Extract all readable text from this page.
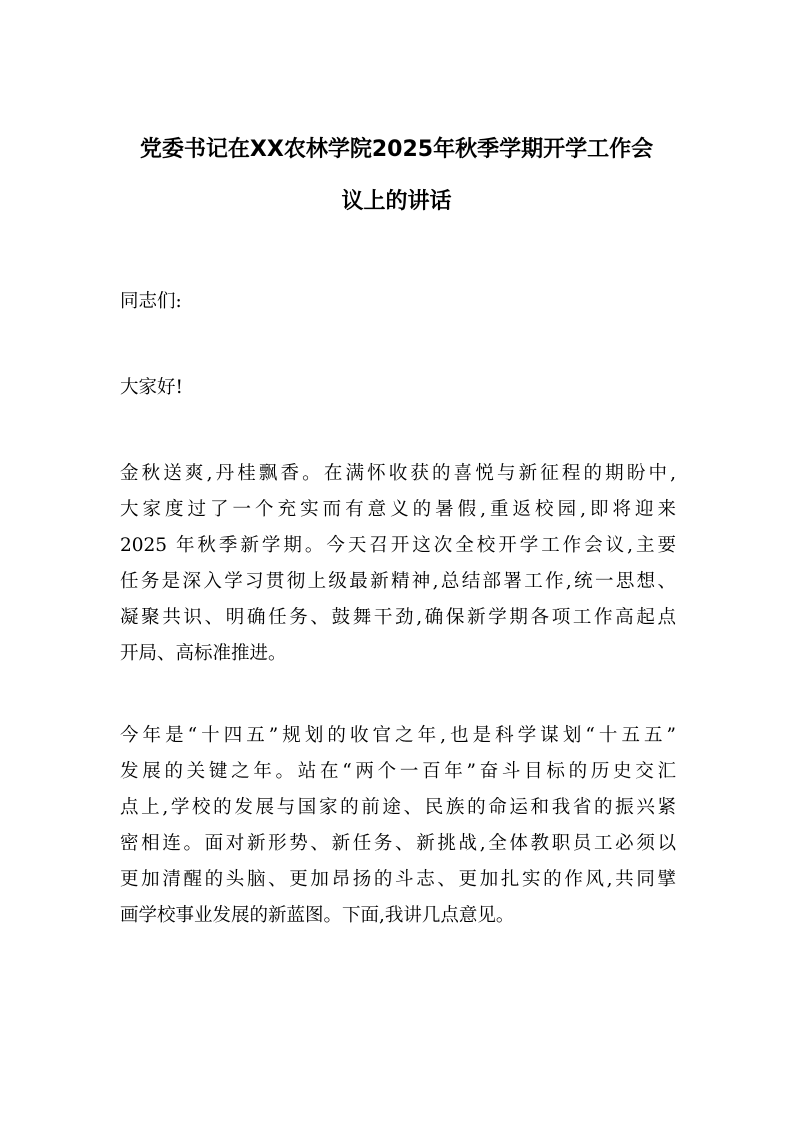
党委书记在XX农林学院2025年秋季学期开学工作会
议上的讲话
同志们:
大家好!
金秋送爽,丹桂飘香。在满怀收获的喜悦与新征程的期盼中,
大家度过了一个充实而有意义的暑假,重返校园,即将迎来
2025 年秋季新学期。今天召开这次全校开学工作会议,主要
任务是深入学习贯彻上级最新精神,总结部署工作,统一思想、
凝聚共识、明确任务、鼓舞干劲,确保新学期各项工作高起点
开局、高标准推进。
今年是“十四五”规划的收官之年,也是科学谋划“十五五”
发展的关键之年。站在“两个一百年”奋斗目标的历史交汇
点上,学校的发展与国家的前途、民族的命运和我省的振兴紧
密相连。面对新形势、新任务、新挑战,全体教职员工必须以
更加清醒的头脑、更加昂扬的斗志、更加扎实的作风,共同擘
画学校事业发展的新蓝图。下面,我讲几点意见。
